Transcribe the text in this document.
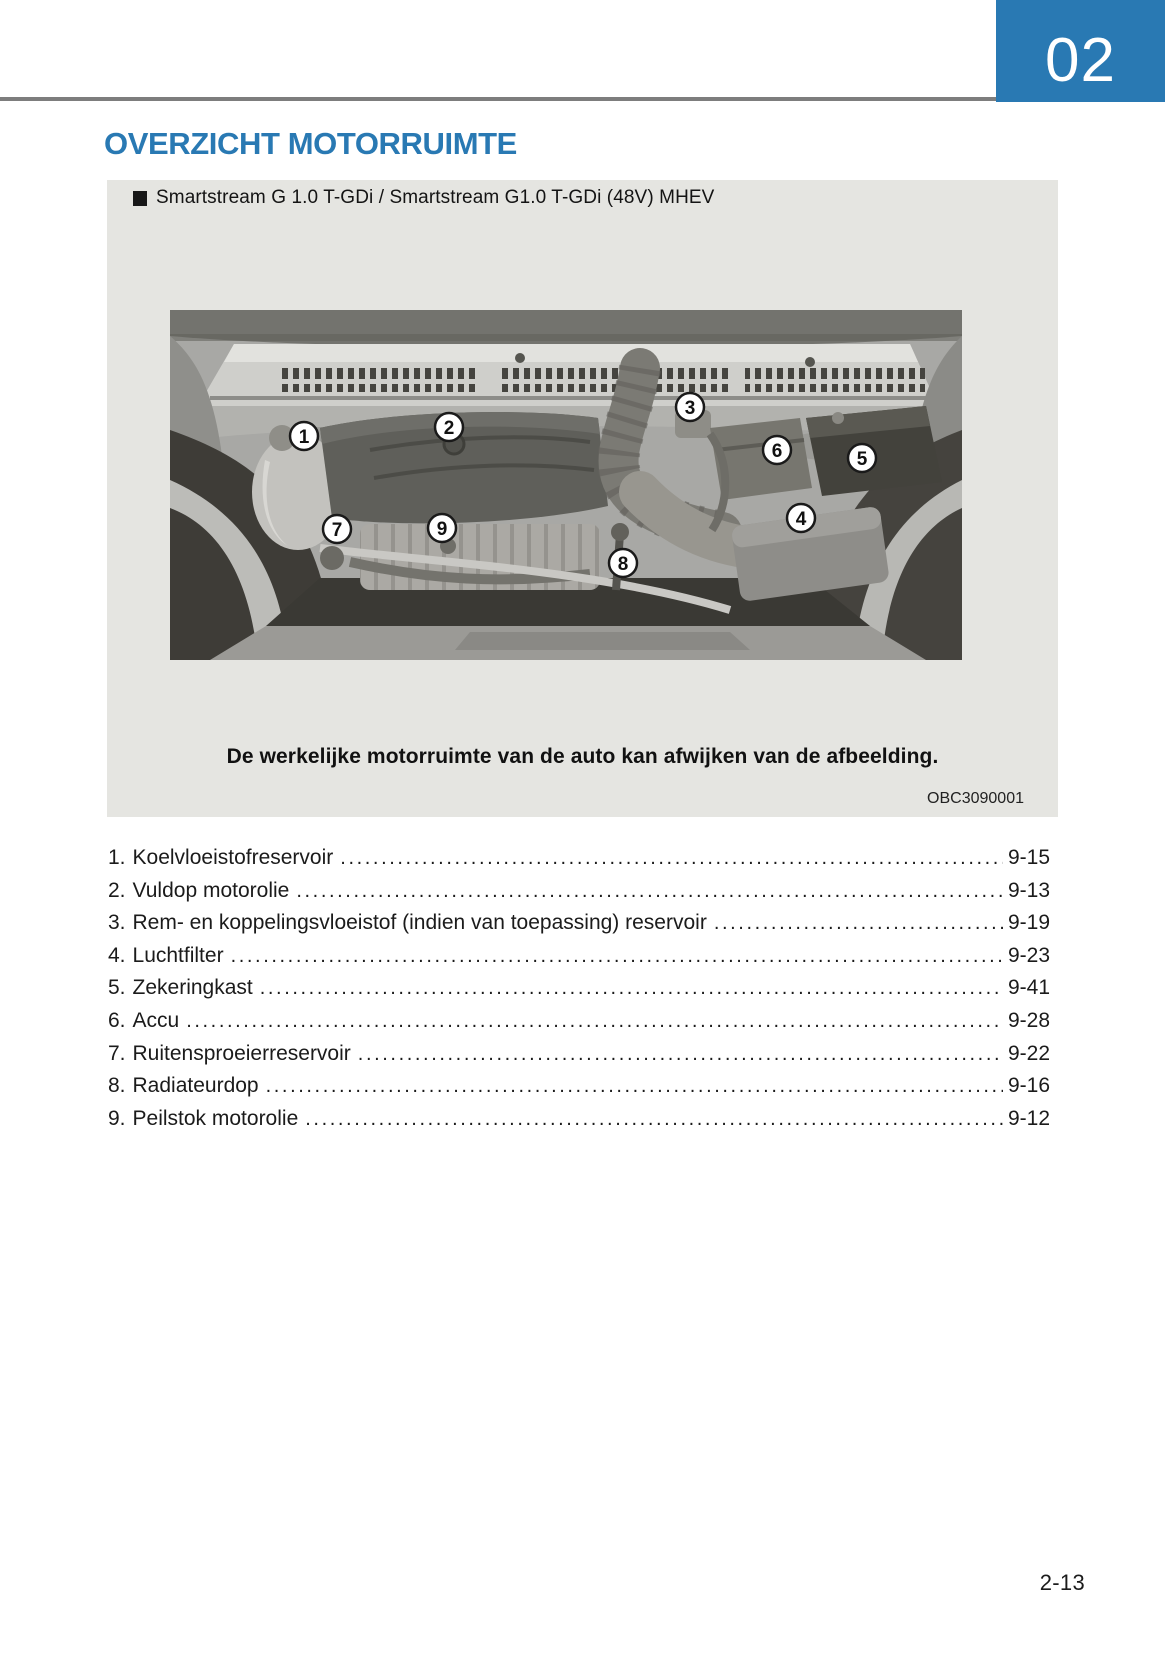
02
OVERZICHT MOTORRUIMTE
Smartstream G 1.0 T-GDi / Smartstream G1.0 T-GDi (48V) MHEV
1	2
3
4
5
6
7
8
9
De werkelijke motorruimte van de auto kan afwijken van de afbeelding.
OBC3090001
1. Koelvloeistofreservoir .....	9-15
2. Vuldop motorolie .....	9-13
3. Rem- en koppelingsvloeistof (indien van toepassing) reservoir .....	9-19
4. Luchtfilter .....	9-23
5. Zekeringkast .....	9-41
6. Accu .....	9-28
7. Ruitensproeierreservoir .....	9-22
8. Radiateurdop .....	9-16
9. Peilstok motorolie .....	9-12
2-13
